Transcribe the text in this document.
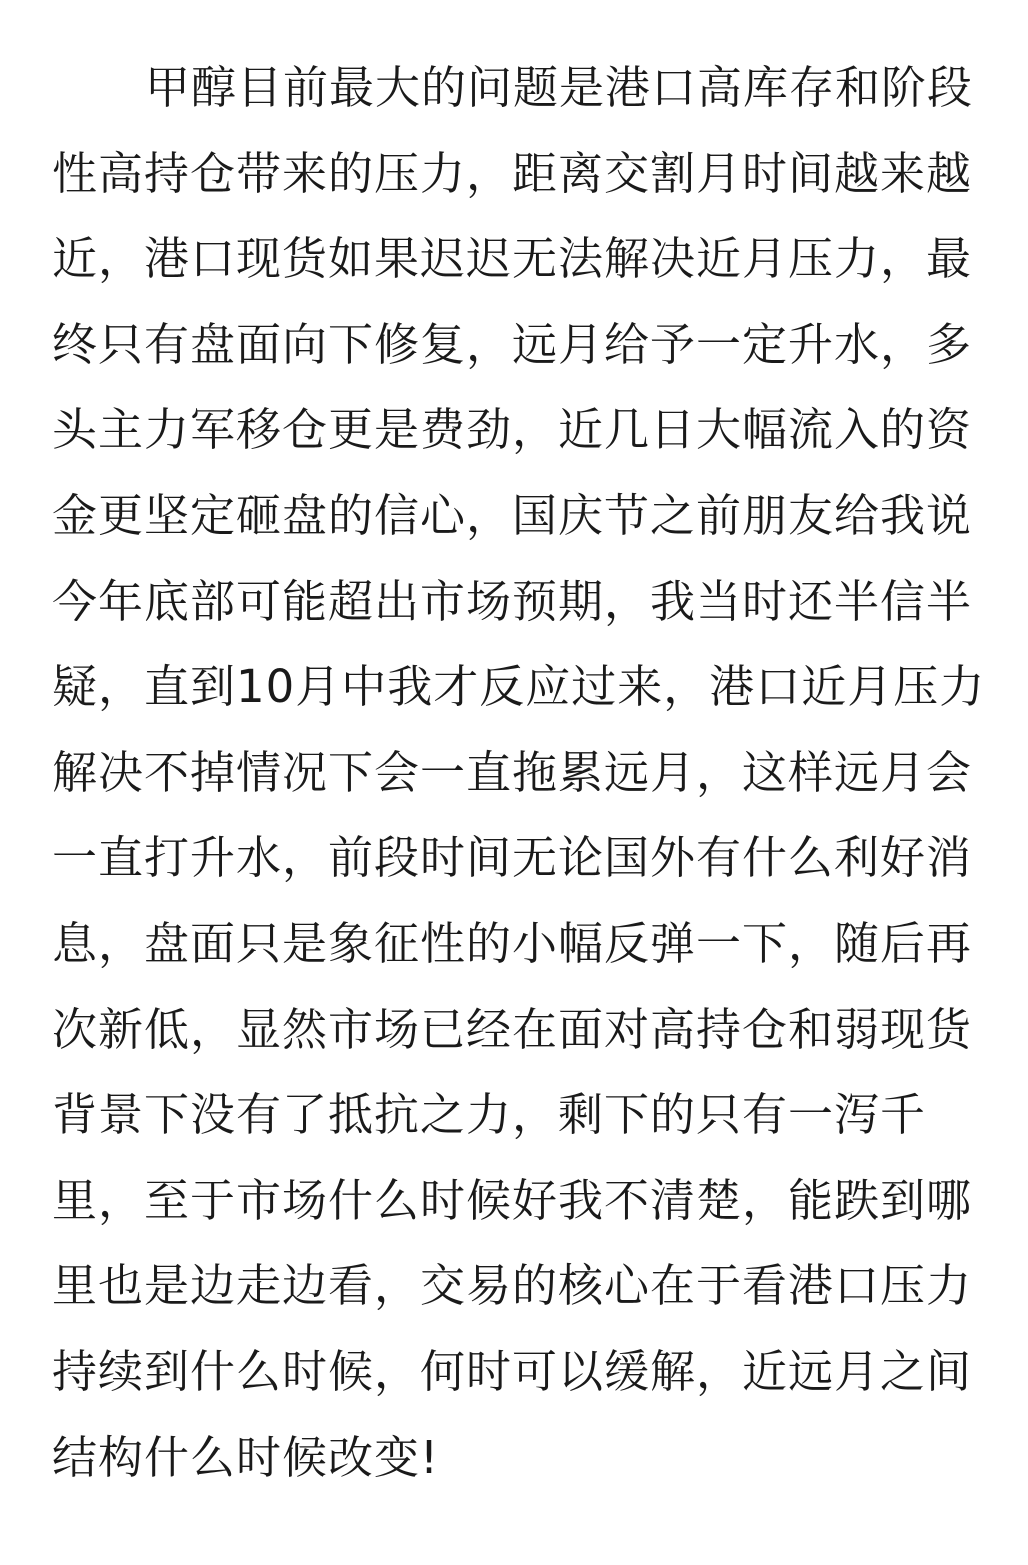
甲醇目前最大的问题是港口高库存和阶段
性高持仓带来的压力，距离交割月时间越来越
近，港口现货如果迟迟无法解决近月压力，最
终只有盘面向下修复，远月给予一定升水，多
头主力军移仓更是费劲，近几日大幅流入的资
金更坚定砸盘的信心，国庆节之前朋友给我说
今年底部可能超出市场预期，我当时还半信半
疑，直到10月中我才反应过来，港口近月压力
解决不掉情况下会一直拖累远月，这样远月会
一直打升水，前段时间无论国外有什么利好消
息，盘面只是象征性的小幅反弹一下，随后再
次新低，显然市场已经在面对高持仓和弱现货
背景下没有了抵抗之力，剩下的只有一泻千
里，至于市场什么时候好我不清楚，能跌到哪
里也是边走边看，交易的核心在于看港口压力
持续到什么时候，何时可以缓解，近远月之间
结构什么时候改变!
